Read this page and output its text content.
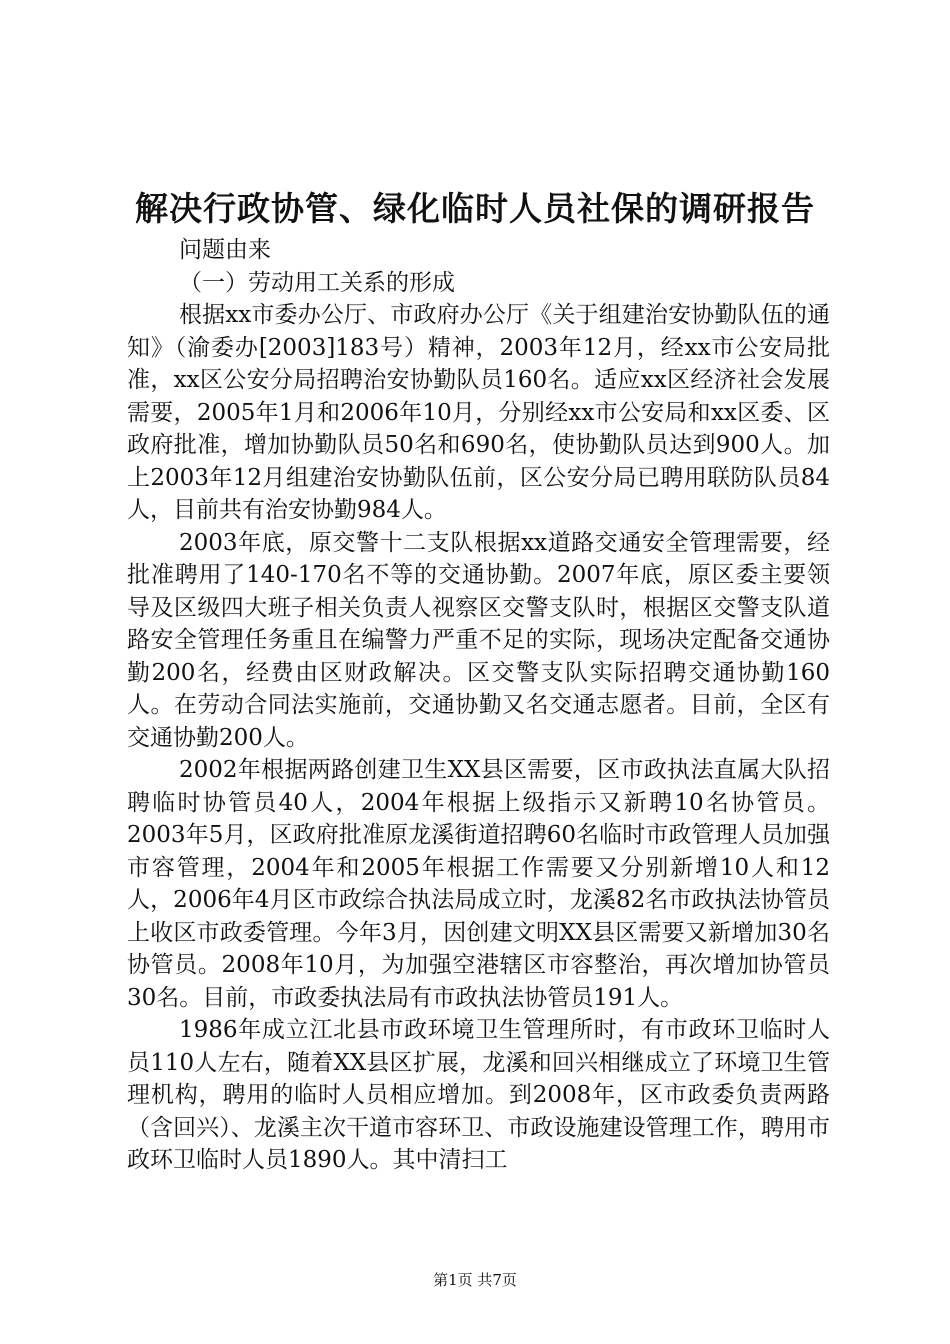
解决行政协管、绿化临时人员社保的调研报告

问题由来

（一）劳动用工关系的形成

根据xx市委办公厅、市政府办公厅《关于组建治安协勤队伍的通知》（渝委办[2003]183号）精神，2003年12月，经xx市公安局批准，xx区公安分局招聘治安协勤队员160名。适应xx区经济社会发展需要，2005年1月和2006年10月，分别经xx市公安局和xx区委、区政府批准，增加协勤队员50名和690名，使协勤队员达到900人。加上2003年12月组建治安协勤队伍前，区公安分局已聘用联防队员84人，目前共有治安协勤984人。

2003年底，原交警十二支队根据xx道路交通安全管理需要，经批准聘用了140-170名不等的交通协勤。2007年底，原区委主要领导及区级四大班子相关负责人视察区交警支队时，根据区交警支队道路安全管理任务重且在编警力严重不足的实际，现场决定配备交通协勤200名，经费由区财政解决。区交警支队实际招聘交通协勤160人。在劳动合同法实施前，交通协勤又名交通志愿者。目前，全区有交通协勤200人。

2002年根据两路创建卫生XX县区需要，区市政执法直属大队招聘临时协管员40人，2004年根据上级指示又新聘10名协管员。2003年5月，区政府批准原龙溪街道招聘60名临时市政管理人员加强市容管理，2004年和2005年根据工作需要又分别新增10人和12人，2006年4月区市政综合执法局成立时，龙溪82名市政执法协管员上收区市政委管理。今年3月，因创建文明XX县区需要又新增加30名协管员。2008年10月，为加强空港辖区市容整治，再次增加协管员30名。目前，市政委执法局有市政执法协管员191人。

1986年成立江北县市政环境卫生管理所时，有市政环卫临时人员110人左右，随着XX县区扩展，龙溪和回兴相继成立了环境卫生管理机构，聘用的临时人员相应增加。到2008年，区市政委负责两路（含回兴）、龙溪主次干道市容环卫、市政设施建设管理工作，聘用市政环卫临时人员1890人。其中清扫工

第1页 共7页
